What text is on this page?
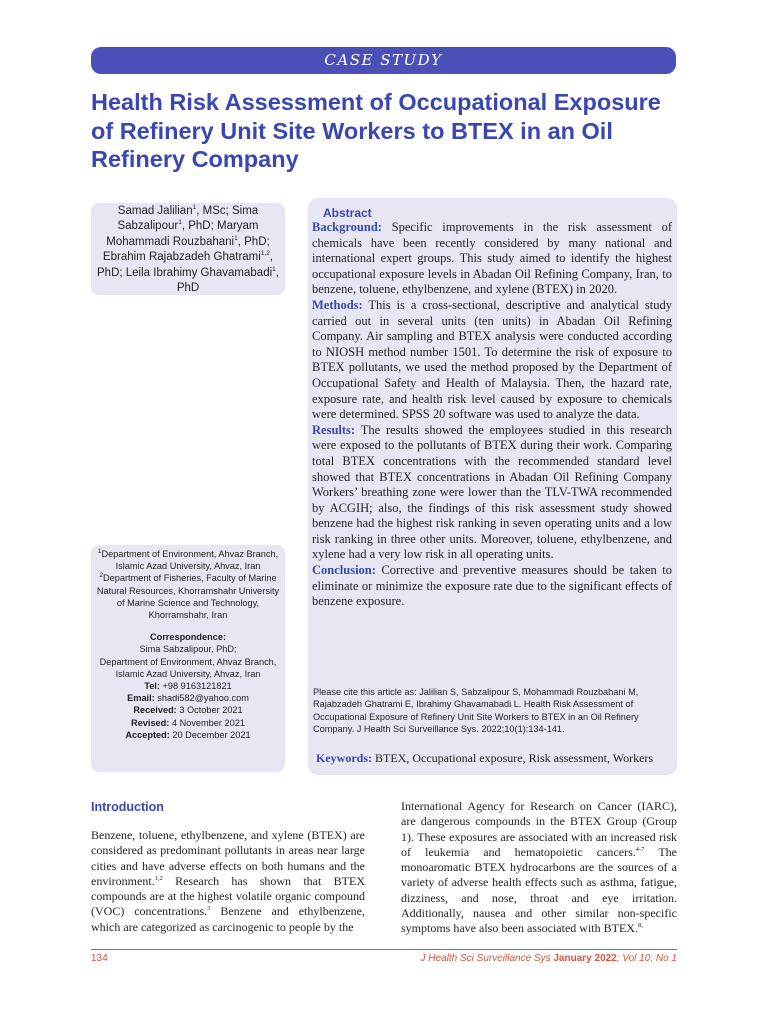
CASE STUDY
Health Risk Assessment of Occupational Exposure of Refinery Unit Site Workers to BTEX in an Oil Refinery Company
Samad Jalilian$^1$, MSc; Sima Sabzalipour$^1$, PhD; Maryam Mohammadi Rouzbahani$^1$, PhD; Ebrahim Rajabzadeh Ghatrami$^{1,2}$, PhD; Leila Ibrahimy Ghavamabadi$^1$, PhD

$^1$Department of Environment, Ahvaz Branch, Islamic Azad University, Ahvaz, Iran

$^2$Department of Fisheries, Faculty of Marine Natural Resources, Khorramshahr University of Marine Science and Technology, Khorramshahr, Iran

Correspondence:

Sima Sabzalipour, PhD;

Department of Environment, Ahvaz Branch, Islamic Azad University, Ahvaz, Iran

Tel: +98 9163121821

Email: shadi582@yahoo.com

Received: 3 October 2021

Revised: 4 November 2021

Accepted: 20 December 2021

Abstract

Background: Specific improvements in the risk assessment of chemicals have been recently considered by many national and international expert groups. This study aimed to identify the highest occupational exposure levels in Abadan Oil Refining Company, Iran, to benzene, toluene, ethylbenzene, and xylene (BTEX) in 2020.

Methods: This is a cross-sectional, descriptive and analytical study carried out in several units (ten units) in Abadan Oil Refining Company. Air sampling and BTEX analysis were conducted according to NIOSH method number 1501. To determine the risk of exposure to BTEX pollutants, we used the method proposed by the Department of Occupational Safety and Health of Malaysia. Then, the hazard rate, exposure rate, and health risk level caused by exposure to chemicals were determined. SPSS 20 software was used to analyze the data.

Results: The results showed the employees studied in this research were exposed to the pollutants of BTEX during their work. Comparing total BTEX concentrations with the recommended standard level showed that BTEX concentrations in Abadan Oil Refining Company Workers’ breathing zone were lower than the TLV-TWA recommended by ACGIH; also, the findings of this risk assessment study showed benzene had the highest risk ranking in seven operating units and a low risk ranking in three other units. Moreover, toluene, ethylbenzene, and xylene had a very low risk in all operating units.

Conclusion: Corrective and preventive measures should be taken to eliminate or minimize the exposure rate due to the significant effects of benzene exposure.

Please cite this article as: Jalilian S, Sabzalipour S, Mohammadi Rouzbahani M, Rajabzadeh Ghatrami E, Ibrahimy Ghavamabadi L. Health Risk Assessment of Occupational Exposure of Refinery Unit Site Workers to BTEX in an Oil Refinery Company. J Health Sci Surveillance Sys. 2022;10(1):134-141.
Keywords: BTEX, Occupational exposure, Risk assessment, Workers
Introduction
Benzene, toluene, ethylbenzene, and xylene (BTEX) are considered as predominant pollutants in areas near large cities and have adverse effects on both humans and the environment.$^{1,2}$ Research has shown that BTEX compounds are at the highest volatile organic compound (VOC) concentrations.$^3$ Benzene and ethylbenzene, which are categorized as carcinogenic to people by the
International Agency for Research on Cancer (IARC), are dangerous compounds in the BTEX Group (Group 1). These exposures are associated with an increased risk of leukemia and hematopoietic cancers.$^{4-7}$ The monoaromatic BTEX hydrocarbons are the sources of a variety of adverse health effects such as asthma, fatigue, dizziness, and nose, throat and eye irritation. Additionally, nausea and other similar non-specific symptoms have also been associated with BTEX.$^{8,}$
134	J Health Sci Surveillance Sys January 2022; Vol 10; No 1
